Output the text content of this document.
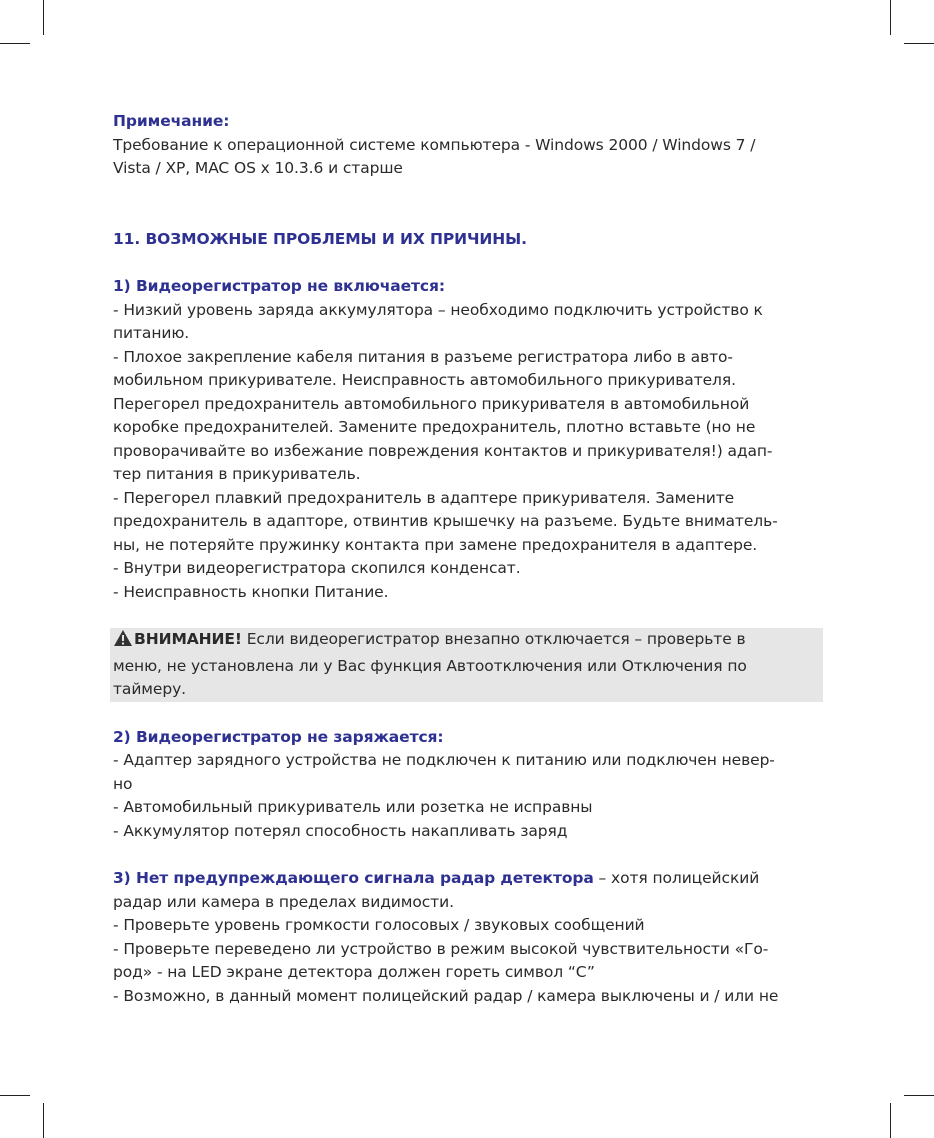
Примечание:

Требование к операционной системе компьютера - Windows 2000 / Windows 7 /

Vista / XP, MAC OS x 10.3.6 и старше

11. ВОЗМОЖНЫЕ ПРОБЛЕМЫ И ИХ ПРИЧИНЫ.

1) Видеорегистратор не включается:

- Низкий уровень заряда аккумулятора – необходимо подключить устройство к

питанию.

- Плохое закрепление кабеля питания в разъеме регистратора либо в авто-

мобильном прикуривателе. Неисправность автомобильного прикуривателя.

Перегорел предохранитель автомобильного прикуривателя в автомобильной

коробке предохранителей. Замените предохранитель, плотно вставьте (но не

проворачивайте во избежание повреждения контактов и прикуривателя!) адап-

тер питания в прикуриватель.

- Перегорел плавкий предохранитель в адаптере прикуривателя. Замените

предохранитель в адапторе, отвинтив крышечку на разъеме. Будьте вниматель-

ны, не потеряйте пружинку контакта при замене предохранителя в адаптере.

- Внутри видеорегистратора скопился конденсат.

- Неисправность кнопки Питание.

ВНИМАНИЕ! Если видеорегистратор внезапно отключается – проверьте в

меню, не установлена ли у Вас функция Автоотключения или Отключения по

таймеру.

2) Видеорегистратор не заряжается:

- Адаптер зарядного устройства не подключен к питанию или подключен невер-

но

- Автомобильный прикуриватель или розетка не исправны

- Аккумулятор потерял способность накапливать заряд

3) Нет предупреждающего сигнала радар детектора – хотя полицейский

радар или камера в пределах видимости.

- Проверьте уровень громкости голосовых / звуковых сообщений

- Проверьте переведено ли устройство в режим высокой чувствительности «Го-

род» - на LED экране детектора должен гореть символ “C”

- Возможно, в данный момент полицейский радар / камера выключены и / или не
